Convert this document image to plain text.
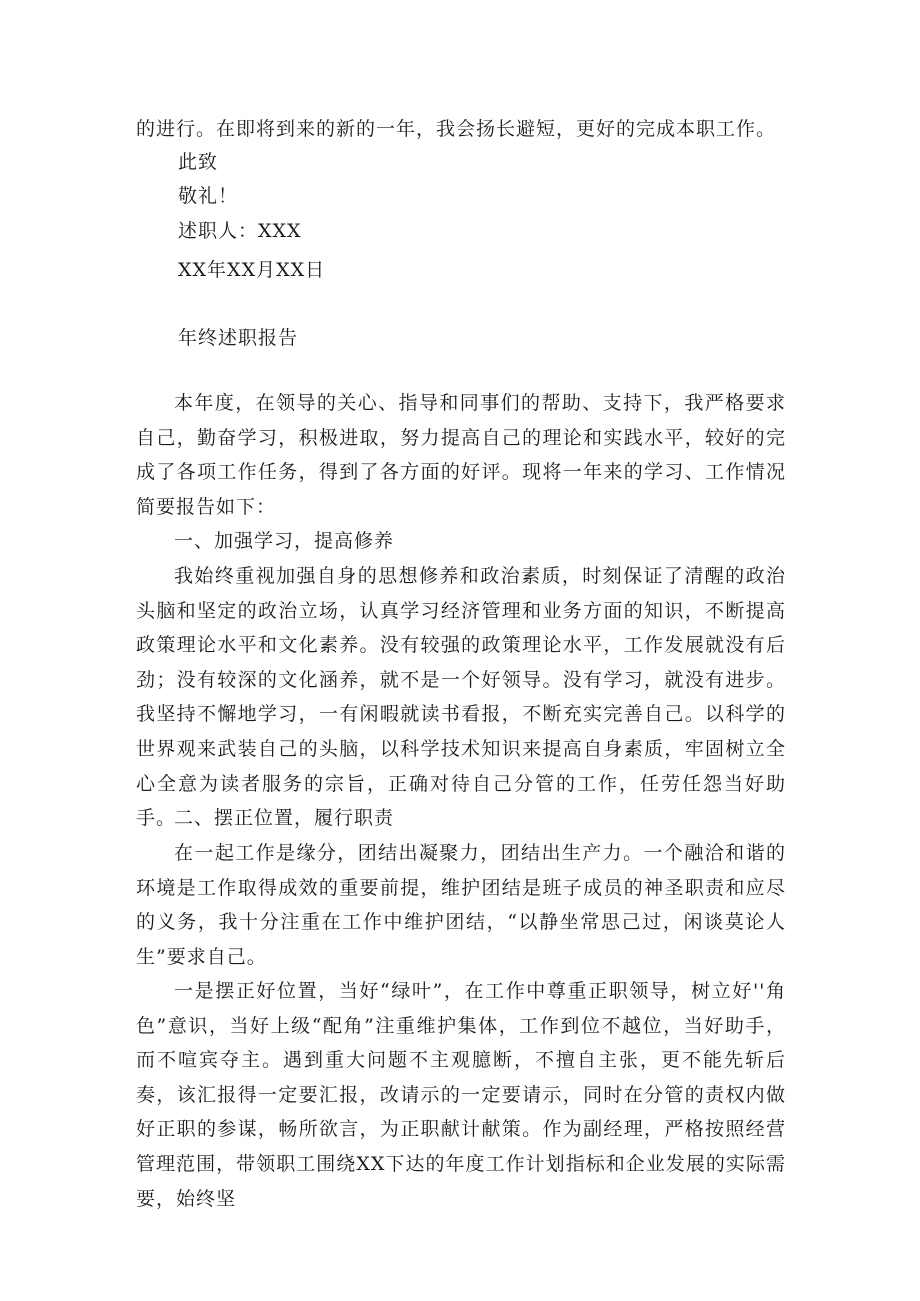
的进行。在即将到来的新的一年，我会扬长避短，更好的完成本职工作。
此致
敬礼！
述职人：XXX
XX年XX月XX日
年终述职报告
本年度，在领导的关心、指导和同事们的帮助、支持下，我严格要求自己，勤奋学习，积极进取，努力提高自己的理论和实践水平，较好的完成了各项工作任务，得到了各方面的好评。现将一年来的学习、工作情况简要报告如下：
一、加强学习，提高修养
我始终重视加强自身的思想修养和政治素质，时刻保证了清醒的政治头脑和坚定的政治立场，认真学习经济管理和业务方面的知识，不断提高政策理论水平和文化素养。没有较强的政策理论水平，工作发展就没有后劲；没有较深的文化涵养，就不是一个好领导。没有学习，就没有进步。我坚持不懈地学习，一有闲暇就读书看报，不断充实完善自己。以科学的世界观来武装自己的头脑，以科学技术知识来提高自身素质，牢固树立全心全意为读者服务的宗旨，正确对待自己分管的工作，任劳任怨当好助手。
二、摆正位置，履行职责
在一起工作是缘分，团结出凝聚力，团结出生产力。一个融洽和谐的环境是工作取得成效的重要前提，维护团结是班子成员的神圣职责和应尽的义务，我十分注重在工作中维护团结，“以静坐常思己过，闲谈莫论人生”要求自己。
一是摆正好位置，当好“绿叶”，在工作中尊重正职领导，树立好''角色”意识，当好上级“配角”注重维护集体，工作到位不越位，当好助手，而不喧宾夺主。遇到重大问题不主观臆断，不擅自主张，更不能先斩后奏，该汇报得一定要汇报，改请示的一定要请示，同时在分管的责权内做好正职的参谋，畅所欲言，为正职献计献策。作为副经理，严格按照经营管理范围，带领职工围绕XX下达的年度工作计划指标和企业发展的实际需要，始终坚
